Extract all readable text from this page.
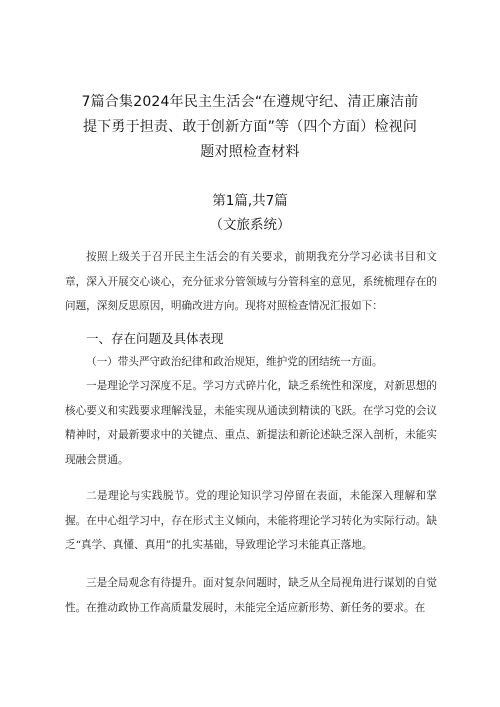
7篇合集2024年民主生活会“在遵规守纪、清正廉洁前
提下勇于担责、敢于创新方面”等（四个方面）检视问
题对照检查材料
第1篇,共7篇
（文旅系统）

按照上级关于召开民主生活会的有关要求，前期我充分学习必读书目和文章，深入开展交心谈心，充分征求分管领域与分管科室的意见，系统梳理存在的问题，深刻反思原因，明确改进方向。现将对照检查情况汇报如下：

一、存在问题及具体表现

（一）带头严守政治纪律和政治规矩，维护党的团结统一方面。

一是理论学习深度不足。学习方式碎片化，缺乏系统性和深度，对新思想的核心要义和实践要求理解浅显，未能实现从通读到精读的飞跃。在学习党的会议精神时，对最新要求中的关键点、重点、新提法和新论述缺乏深入剖析，未能实现融会贯通。

二是理论与实践脱节。党的理论知识学习停留在表面，未能深入理解和掌握。在中心组学习中，存在形式主义倾向，未能将理论学习转化为实际行动。缺乏“真学、真懂、真用”的扎实基础，导致理论学习未能真正落地。

三是全局观念有待提升。面对复杂问题时，缺乏从全局视角进行谋划的自觉性。在推动政协工作高质量发展时，未能完全适应新形势、新任务的要求。在
